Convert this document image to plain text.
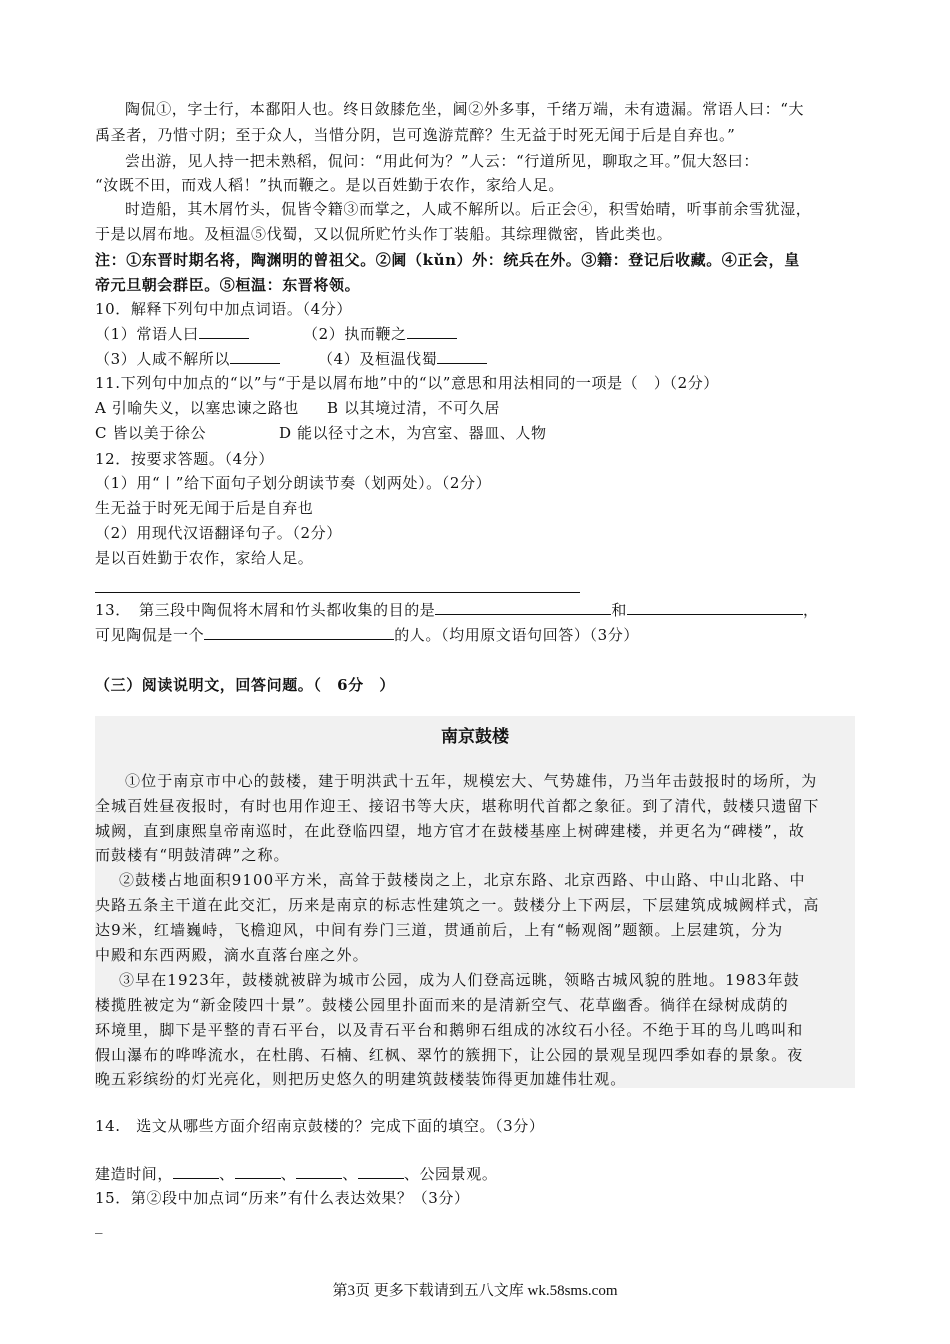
陶侃①，字士行，本鄱阳人也。终日敛膝危坐，阃②外多事，千绪万端，未有遗漏。常语人曰：“大
禹圣者，乃惜寸阴；至于众人，当惜分阴，岂可逸游荒醉？生无益于时死无闻于后是自弃也。”
尝出游，见人持一把未熟稻，侃问：“用此何为？”人云：“行道所见，聊取之耳。”侃大怒曰：
“汝既不田，而戏人稻！”执而鞭之。是以百姓勤于农作，家给人足。
时造船，其木屑竹头，侃皆令籍③而掌之，人咸不解所以。后正会④，积雪始晴，听事前余雪犹湿，
于是以屑布地。及桓温⑤伐蜀，又以侃所贮竹头作丁装船。其综理微密，皆此类也。
注：①东晋时期名将，陶渊明的曾祖父。②阃（kǔn）外：统兵在外。③籍：登记后收藏。④正会，皇
帝元旦朝会群臣。⑤桓温：东晋将领。
10．解释下列句中加点词语。（4分）
（1）常语人曰	（2）执而鞭之
（3）人咸不解所以	（4）及桓温伐蜀
11.下列句中加点的“以”与“于是以屑布地”中的“以”意思和用法相同的一项是（　）（2分）
A 引喻失义，以塞忠谏之路也 B 以其境过清，不可久居
C 皆以美于徐公	D 能以径寸之木，为宫室、器皿、人物
12．按要求答题。（4分）
（1）用“丨”给下面句子划分朗读节奏（划两处）。（2分）
生无益于时死无闻于后是自弃也
（2）用现代汉语翻译句子。（2分）
是以百姓勤于农作，家给人足。
13．　第三段中陶侃将木屑和竹头都收集的目的是	和	，
可见陶侃是一个	的人。（均用原文语句回答）（3分）
（三）阅读说明文，回答问题。（　6分　）
南京鼓楼
①位于南京市中心的鼓楼，建于明洪武十五年，规模宏大、气势雄伟，乃当年击鼓报时的场所，为
全城百姓昼夜报时，有时也用作迎王、接诏书等大庆，堪称明代首都之象征。到了清代，鼓楼只遗留下
城阙，直到康熙皇帝南巡时，在此登临四望，地方官才在鼓楼基座上树碑建楼，并更名为“碑楼”，故
而鼓楼有“明鼓清碑”之称。
②鼓楼占地面积9100平方米，高耸于鼓楼岗之上，北京东路、北京西路、中山路、中山北路、中
央路五条主干道在此交汇，历来是南京的标志性建筑之一。鼓楼分上下两层，下层建筑成城阙样式，高
达9米，红墙巍峙，飞檐迎风，中间有券门三道，贯通前后，上有“畅观阁”题额。上层建筑，分为
中殿和东西两殿，滴水直落台座之外。
③早在1923年，鼓楼就被辟为城市公园，成为人们登高远眺，领略古城风貌的胜地。1983年鼓
楼揽胜被定为“新金陵四十景”。鼓楼公园里扑面而来的是清新空气、花草幽香。徜徉在绿树成荫的
环境里，脚下是平整的青石平台，以及青石平台和鹅卵石组成的冰纹石小径。不绝于耳的鸟儿鸣叫和
假山瀑布的哗哗流水，在杜鹃、石楠、红枫、翠竹的簇拥下，让公园的景观呈现四季如春的景象。夜
晚五彩缤纷的灯光亮化，则把历史悠久的明建筑鼓楼装饰得更加雄伟壮观。
14.　选文从哪些方面介绍南京鼓楼的？完成下面的填空。（3分）
建造时间，	、	、	、	、公园景观。
15．第②段中加点词“历来”有什么表达效果？（3分）
_
第3页 更多下载请到五八文库 wk.58sms.com
